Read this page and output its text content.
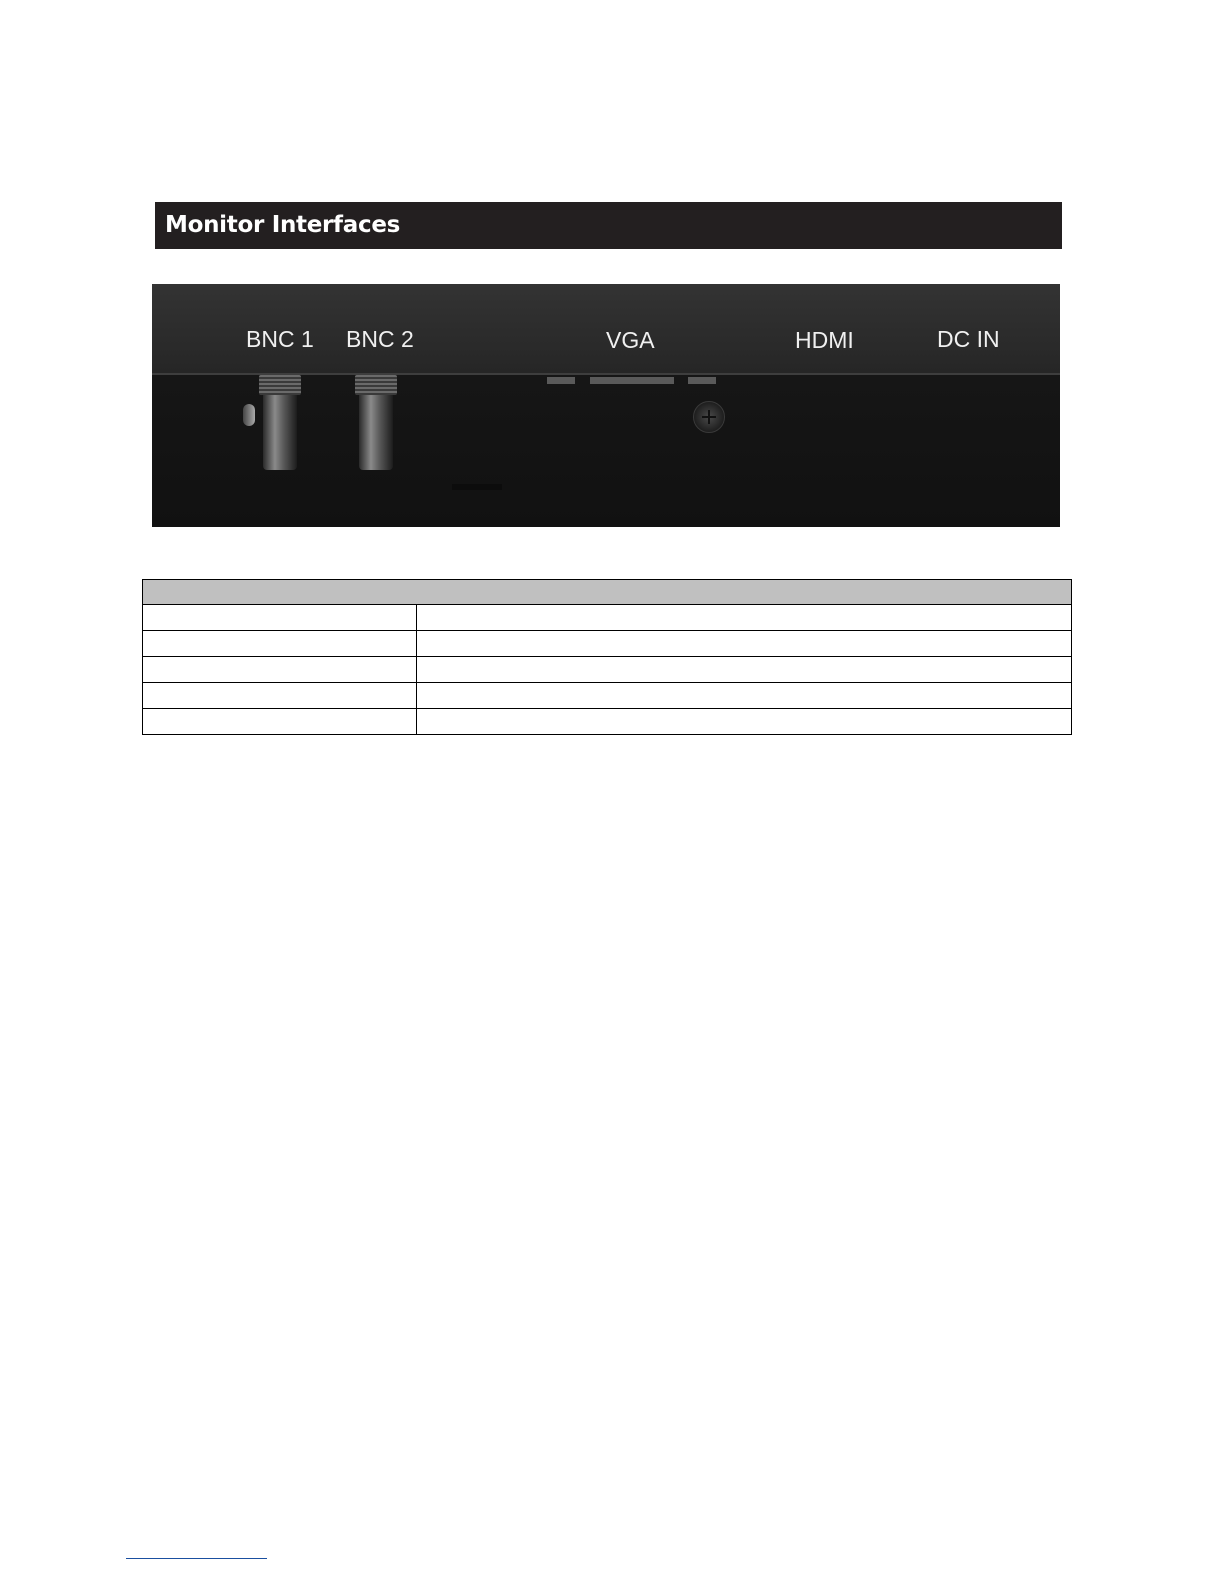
Monitor Interfaces
BNC 1 BNC 2	VGA	HDMI	DC IN
